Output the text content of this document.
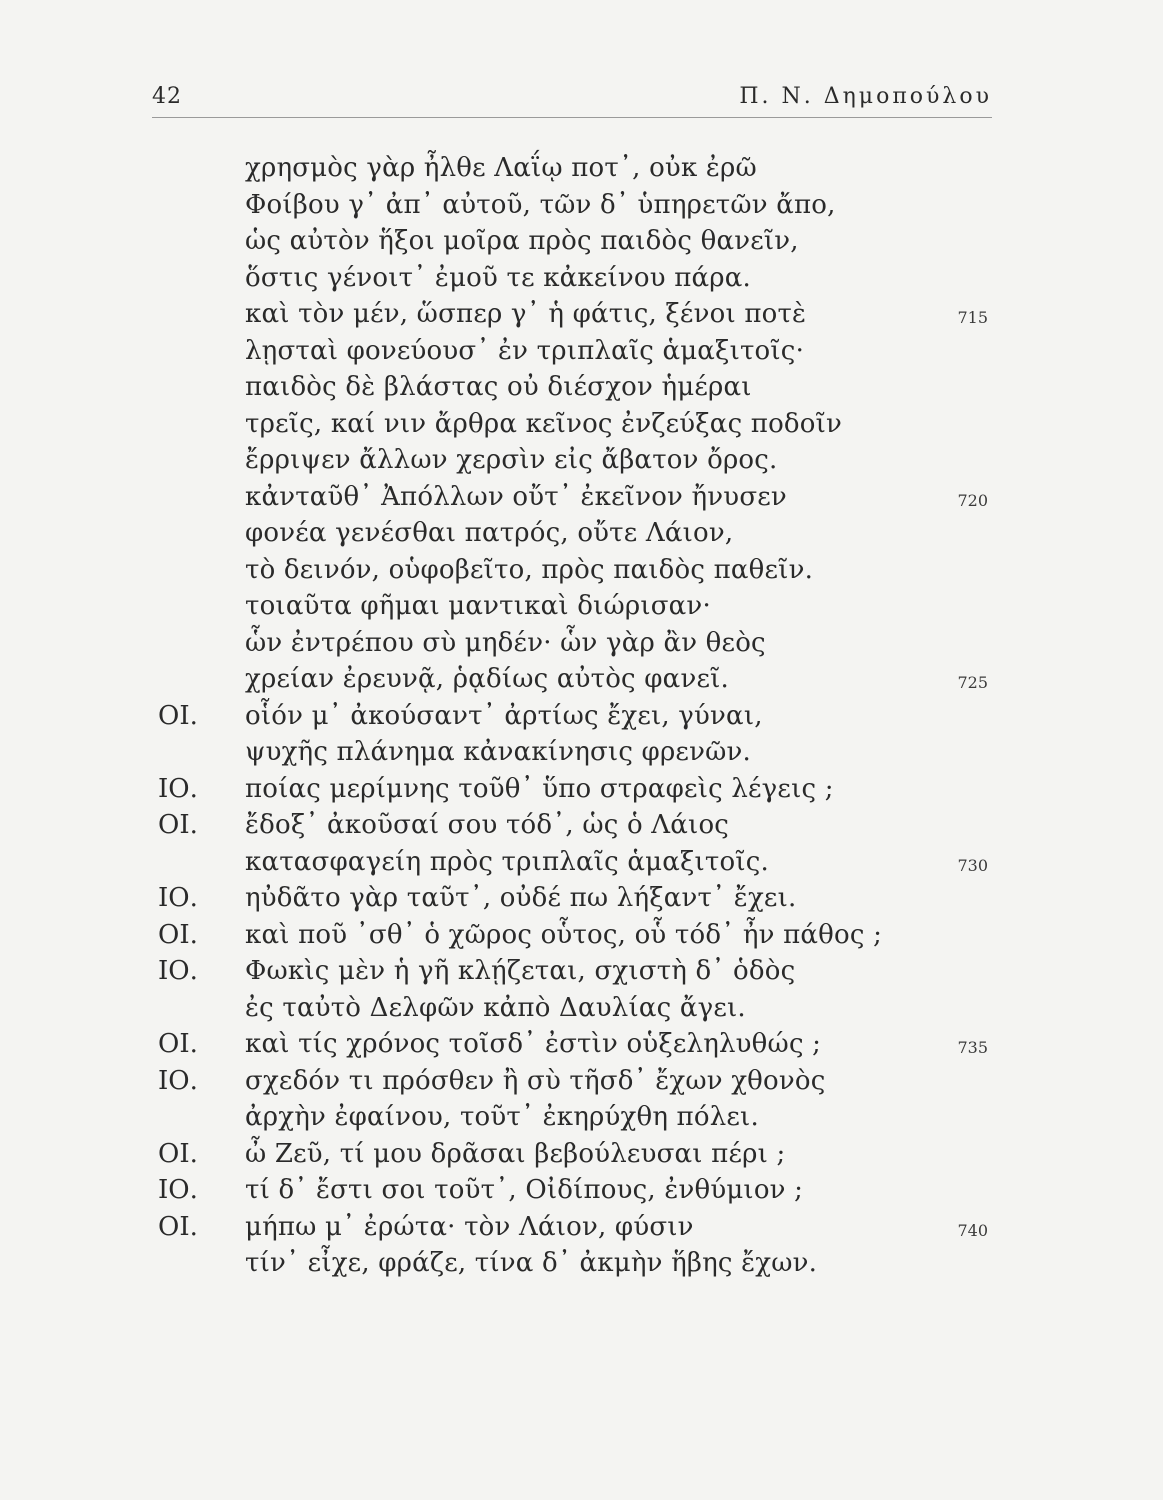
42	Π. Ν. Δημοπούλου
χρησμὸς γὰρ ἦλθε Λαΐῳ ποτ᾽, οὐκ ἐρῶ
Φοίβου γ᾽ ἀπ᾽ αὐτοῦ, τῶν δ᾽ ὑπηρετῶν ἄπο,
ὡς αὐτὸν ἥξοι μοῖρα πρὸς παιδὸς θανεῖν,
ὅστις γένοιτ᾽ ἐμοῦ τε κἀκείνου πάρα.
καὶ τὸν μέν, ὥσπερ γ᾽ ἡ φάτις, ξένοι ποτὲ	715
λῃσταὶ φονεύουσ᾽ ἐν τριπλαῖς ἁμαξιτοῖς·
παιδὸς δὲ βλάστας οὐ διέσχον ἡμέραι
τρεῖς, καί νιν ἄρθρα κεῖνος ἐνζεύξας ποδοῖν
ἔρριψεν ἄλλων χερσὶν εἰς ἄβατον ὄρος.
κἀνταῦθ᾽ Ἀπόλλων οὔτ᾽ ἐκεῖνον ἤνυσεν	720
φονέα γενέσθαι πατρός, οὔτε Λάιον,
τὸ δεινόν, οὑφοβεῖτο, πρὸς παιδὸς παθεῖν.
τοιαῦτα φῆμαι μαντικαὶ διώρισαν·
ὧν ἐντρέπου σὺ μηδέν· ὧν γὰρ ἂν θεὸς
χρείαν ἐρευνᾷ, ῥᾳδίως αὐτὸς φανεῖ.	725
ΟΙ. οἷόν μ᾽ ἀκούσαντ᾽ ἀρτίως ἔχει, γύναι,
ψυχῆς πλάνημα κἀνακίνησις φρενῶν.
ΙΟ. ποίας μερίμνης τοῦθ᾽ ὕπο στραφεὶς λέγεις ;
ΟΙ. ἔδοξ᾽ ἀκοῦσαί σου τόδ᾽, ὡς ὁ Λάιος
κατασφαγείη πρὸς τριπλαῖς ἁμαξιτοῖς.	730
ΙΟ. ηὐδᾶτο γὰρ ταῦτ᾽, οὐδέ πω λήξαντ᾽ ἔχει.
ΟΙ. καὶ ποῦ ᾽σθ᾽ ὁ χῶρος οὗτος, οὗ τόδ᾽ ἦν πάθος ;
ΙΟ. Φωκὶς μὲν ἡ γῆ κλῄζεται, σχιστὴ δ᾽ ὁδὸς
ἐς ταὐτὸ Δελφῶν κἀπὸ Δαυλίας ἄγει.
ΟΙ. καὶ τίς χρόνος τοῖσδ᾽ ἐστὶν οὑξεληλυθώς ;	735
ΙΟ. σχεδόν τι πρόσθεν ἢ σὺ τῆσδ᾽ ἔχων χθονὸς
ἀρχὴν ἐφαίνου, τοῦτ᾽ ἐκηρύχθη πόλει.
ΟΙ. ὦ Ζεῦ, τί μου δρᾶσαι βεβούλευσαι πέρι ;
ΙΟ. τί δ᾽ ἔστι σοι τοῦτ᾽, Οἰδίπους, ἐνθύμιον ;
ΟΙ. μήπω μ᾽ ἐρώτα· τὸν Λάιον, φύσιν	740
τίν᾽ εἶχε, φράζε, τίνα δ᾽ ἀκμὴν ἥβης ἔχων.
